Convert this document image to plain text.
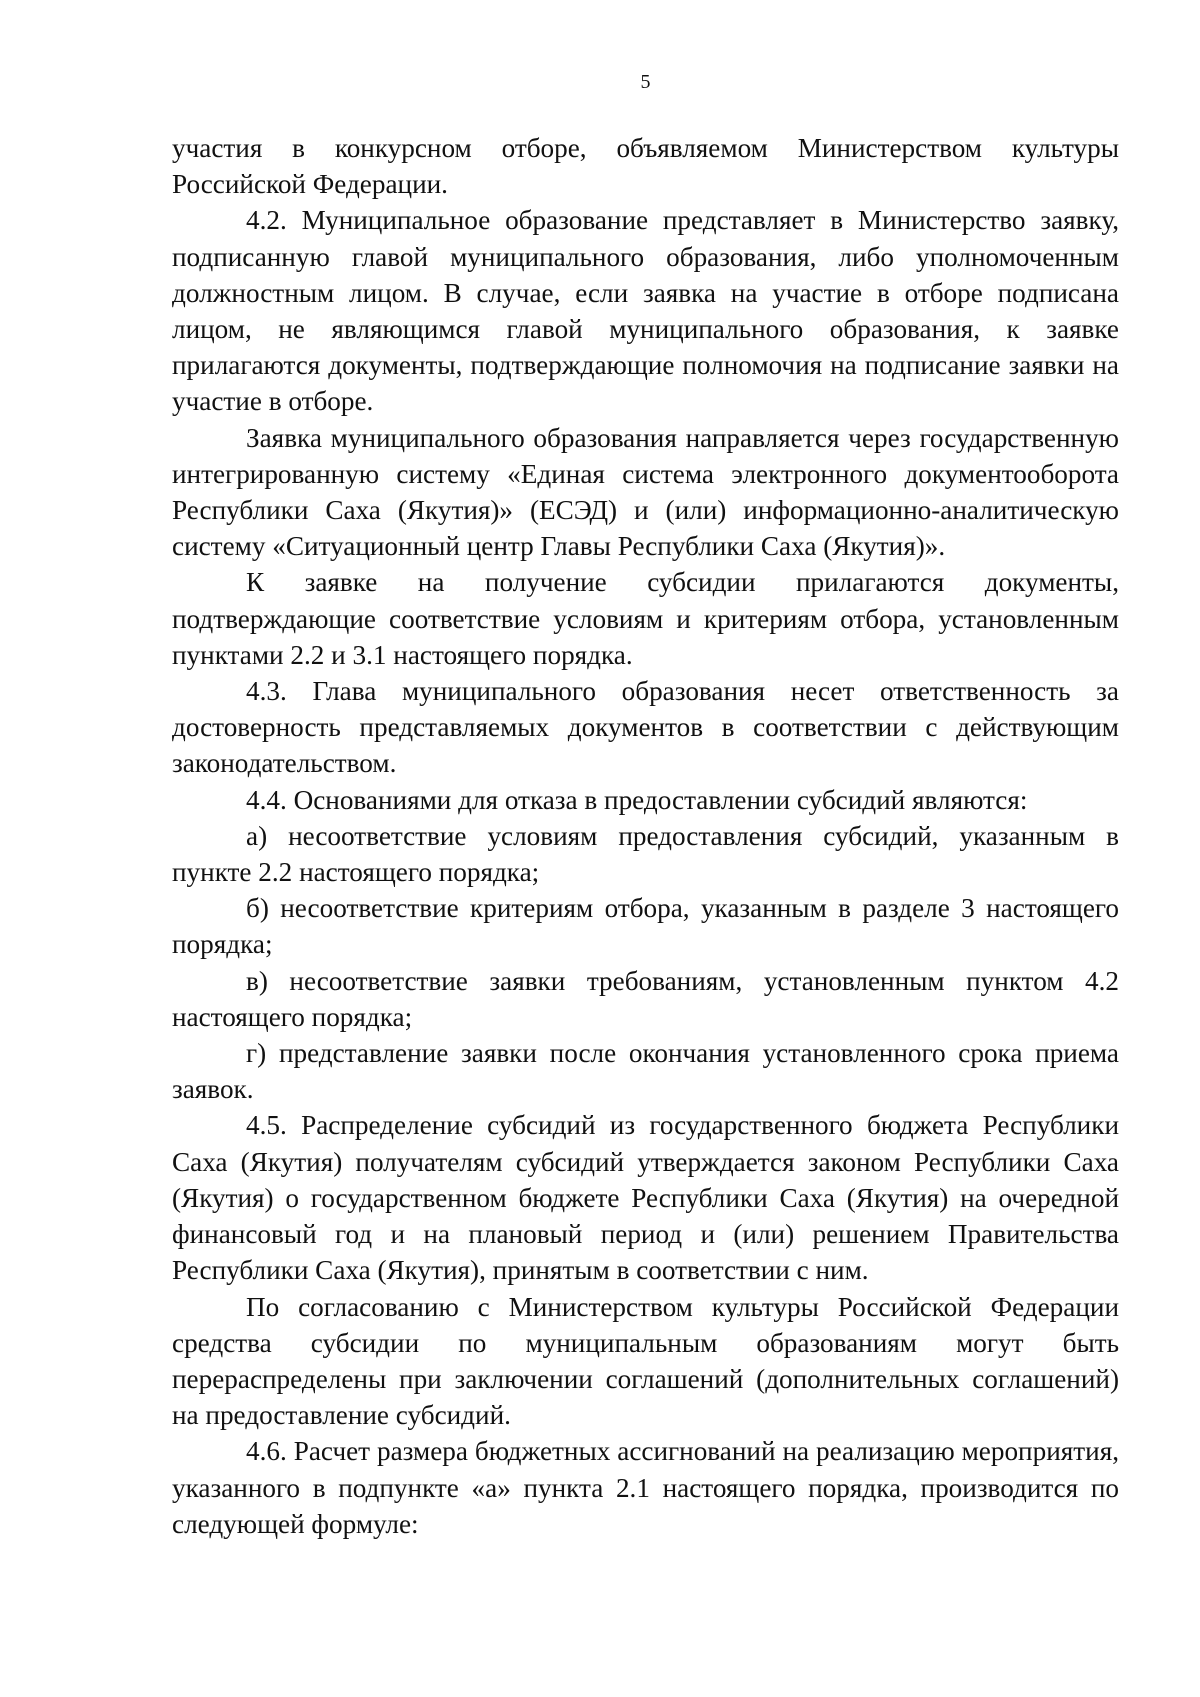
5

участия в конкурсном отборе, объявляемом Министерством культуры Российской Федерации.

4.2. Муниципальное образование представляет в Министерство заявку, подписанную главой муниципального образования, либо уполномоченным должностным лицом. В случае, если заявка на участие в отборе подписана лицом, не являющимся главой муниципального образования, к заявке прилагаются документы, подтверждающие полномочия на подписание заявки на участие в отборе.

Заявка муниципального образования направляется через государственную интегрированную систему «Единая система электронного документооборота Республики Саха (Якутия)» (ЕСЭД) и (или) информационно-аналитическую систему «Ситуационный центр Главы Республики Саха (Якутия)».

К заявке на получение субсидии прилагаются документы, подтверждающие соответствие условиям и критериям отбора, установленным пунктами 2.2 и 3.1 настоящего порядка.

4.3. Глава муниципального образования несет ответственность за достоверность представляемых документов в соответствии с действующим законодательством.

4.4. Основаниями для отказа в предоставлении субсидий являются:

а) несоответствие условиям предоставления субсидий, указанным в пункте 2.2 настоящего порядка;

б) несоответствие критериям отбора, указанным в разделе 3 настоящего порядка;

в) несоответствие заявки требованиям, установленным пунктом 4.2 настоящего порядка;

г) представление заявки после окончания установленного срока приема заявок.

4.5. Распределение субсидий из государственного бюджета Республики Саха (Якутия) получателям субсидий утверждается законом Республики Саха (Якутия) о государственном бюджете Республики Саха (Якутия) на очередной финансовый год и на плановый период и (или) решением Правительства Республики Саха (Якутия), принятым в соответствии с ним.

По согласованию с Министерством культуры Российской Федерации средства субсидии по муниципальным образованиям могут быть перераспределены при заключении соглашений (дополнительных соглашений) на предоставление субсидий.

4.6. Расчет размера бюджетных ассигнований на реализацию мероприятия, указанного в подпункте «а» пункта 2.1 настоящего порядка, производится по следующей формуле:
